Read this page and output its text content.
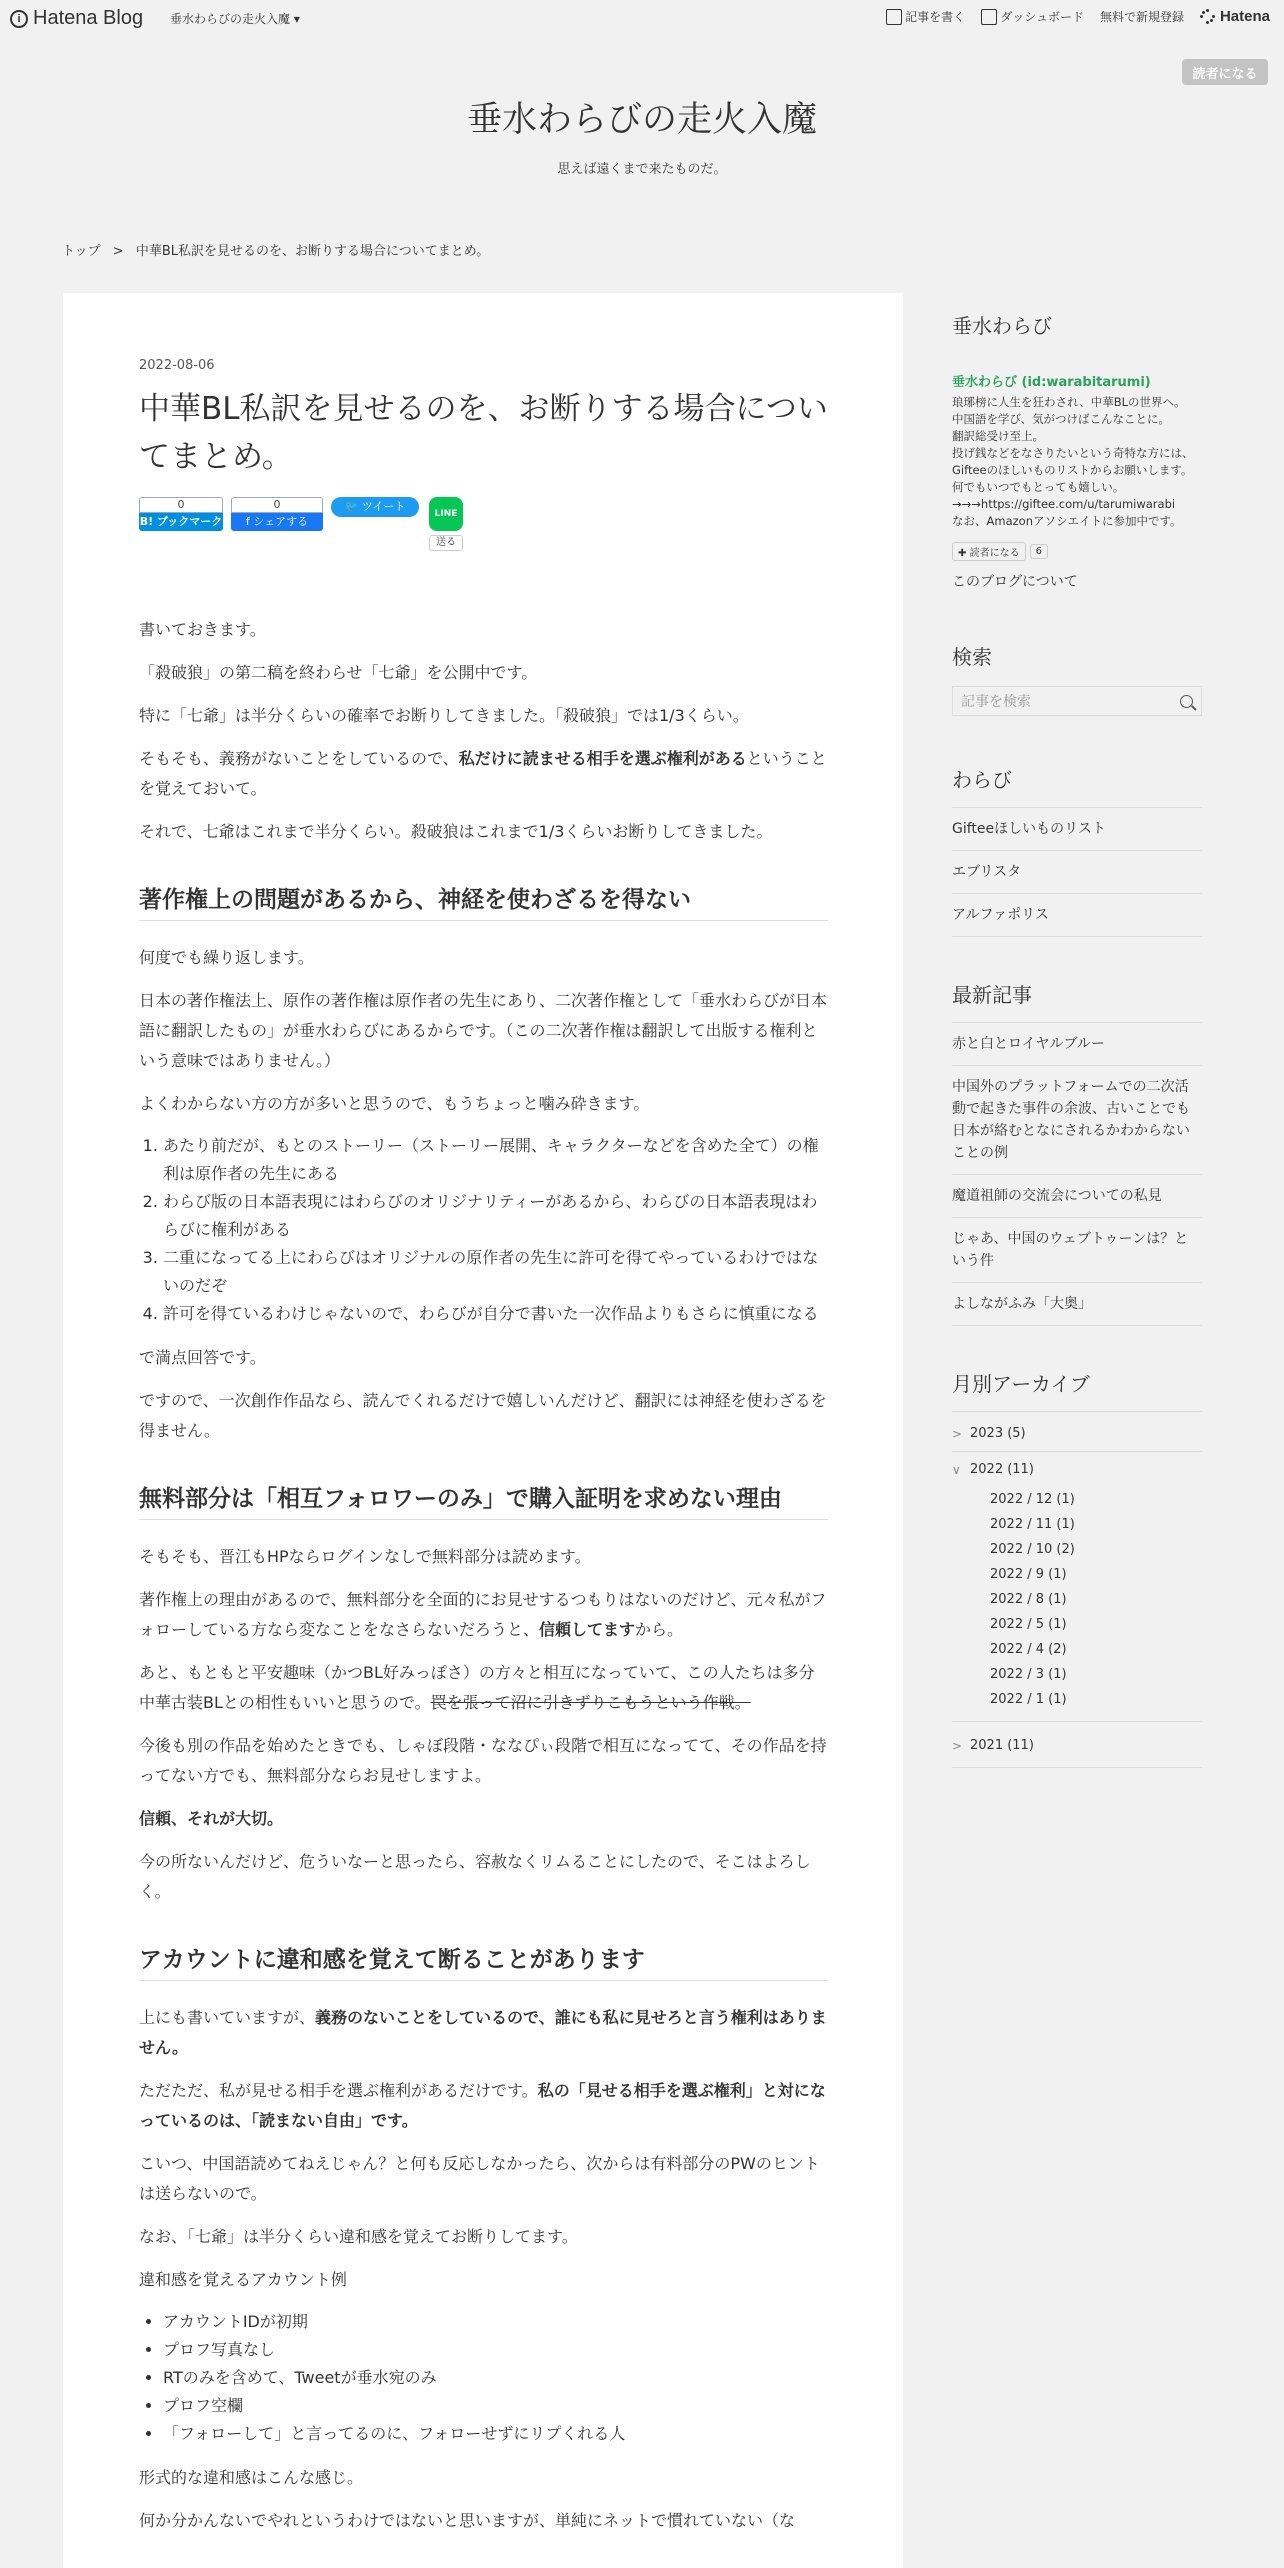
i Hatena Blog 垂水わらびの走火入魔 ▾	記事を書く	ダッシュボード 無料で新規登録 Hatena
読者になる
垂水わらびの走火入魔
思えば遠くまで来たものだ。
トップ > 中華BL私訳を見せるのを、お断りする場合についてまとめ。
2022-08-06
中華BL私訳を見せるのを、お断りする場合についてまとめ。
0
B! ブックマーク
0
f シェアする
🐦 ツイート
LINE
送る

書いておきます。

「殺破狼」の第二稿を終わらせ「七爺」を公開中です。

特に「七爺」は半分くらいの確率でお断りしてきました。「殺破狼」では1/3くらい。

そもそも、義務がないことをしているので、私だけに読ませる相手を選ぶ権利があるということを覚えておいて。

それで、七爺はこれまで半分くらい。殺破狼はこれまで1/3くらいお断りしてきました。

著作権上の問題があるから、神経を使わざるを得ない

何度でも繰り返します。

日本の著作権法上、原作の著作権は原作者の先生にあり、二次著作権として「垂水わらびが日本語に翻訳したもの」が垂水わらびにあるからです。（この二次著作権は翻訳して出版する権利という意味ではありません。）

よくわからない方の方が多いと思うので、もうちょっと噛み砕きます。

1. あたり前だが、もとのストーリー（ストーリー展開、キャラクターなどを含めた全て）の権利は原作者の先生にある
2. わらび版の日本語表現にはわらびのオリジナリティーがあるから、わらびの日本語表現はわらびに権利がある
3. 二重になってる上にわらびはオリジナルの原作者の先生に許可を得てやっているわけではないのだぞ
4. 許可を得ているわけじゃないので、わらびが自分で書いた一次作品よりもさらに慎重になる

で満点回答です。

ですので、一次創作作品なら、読んでくれるだけで嬉しいんだけど、翻訳には神経を使わざるを得ません。

無料部分は「相互フォロワーのみ」で購入証明を求めない理由

そもそも、晋江もHPならログインなしで無料部分は読めます。

著作権上の理由があるので、無料部分を全面的にお見せするつもりはないのだけど、元々私がフォローしている方なら変なことをなさらないだろうと、信頼してますから。

あと、もともと平安趣味（かつBL好みっぽさ）の方々と相互になっていて、この人たちは多分中華古装BLとの相性もいいと思うので。罠を張って沼に引きずりこもうという作戦。

今後も別の作品を始めたときでも、しゃぼ段階・ななぴぃ段階で相互になってて、その作品を持ってない方でも、無料部分ならお見せしますよ。

信頼、それが大切。

今の所ないんだけど、危ういなーと思ったら、容赦なくリムることにしたので、そこはよろしく。

アカウントに違和感を覚えて断ることがあります

上にも書いていますが、義務のないことをしているので、誰にも私に見せろと言う権利はありません。

ただただ、私が見せる相手を選ぶ権利があるだけです。私の「見せる相手を選ぶ権利」と対になっているのは、「読まない自由」です。

こいつ、中国語読めてねえじゃん？と何も反応しなかったら、次からは有料部分のPWのヒントは送らないので。

なお、「七爺」は半分くらい違和感を覚えてお断りしてます。

違和感を覚えるアカウント例

• アカウントIDが初期
• プロフ写真なし
• RTのみを含めて、Tweetが垂水宛のみ
• プロフ空欄
• 「フォローして」と言ってるのに、フォローせずにリプくれる人

形式的な違和感はこんな感じ。

何か分かんないでやれというわけではないと思いますが、単純にネットで慣れていない（な

垂水わらび
垂水わらび (id:warabitarumi)
琅琊榜に人生を狂わされ、中華BLの世界へ。
中国語を学び、気がつけばこんなことに。
翻訳総受け至上。
投げ銭などをなさりたいという奇特な方には、Gifteeのほしいものリストからお願いします。何でもいつでもとっても嬉しい。
→→→https://giftee.com/u/tarumiwarabi
なお、Amazonアソシエイトに参加中です。
✚ 読者になる	6
このブログについて
検索
記事を検索
わらび
Gifteeほしいものリスト
エブリスタ
アルファポリス
最新記事
赤と白とロイヤルブルー
中国外のプラットフォームでの二次活動で起きた事件の余波、古いことでも日本が絡むとなにされるかわからないことの例
魔道祖師の交流会についての私見
じゃあ、中国のウェブトゥーンは？という件
よしながふみ「大奥」
月別アーカイブ
> 2023 (5)
∨ 2022 (11)
2022 / 12 (1)
2022 / 11 (1)
2022 / 10 (2)
2022 / 9 (1)
2022 / 8 (1)
2022 / 5 (1)
2022 / 4 (2)
2022 / 3 (1)
2022 / 1 (1)
> 2021 (11)
